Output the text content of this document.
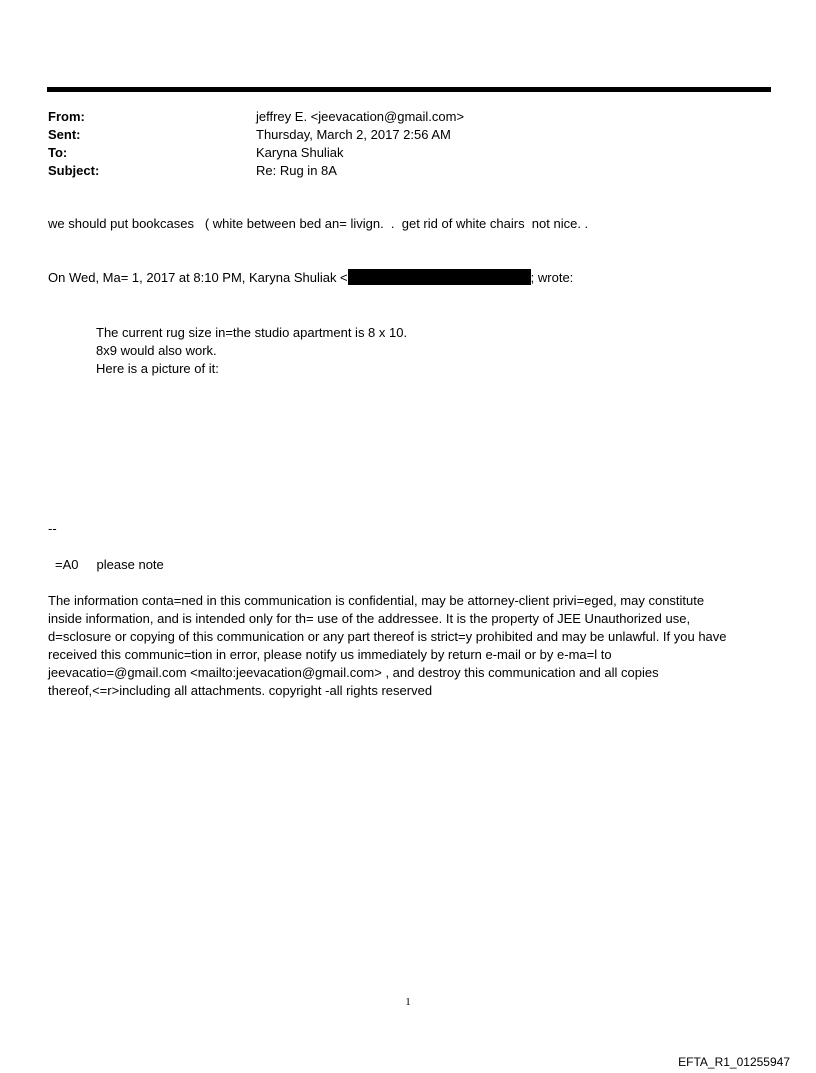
From:	jeffrey E. <jeevacation@gmail.com>
Sent:	Thursday, March 2, 2017 2:56 AM
To:	Karyna Shuliak
Subject:	Re: Rug in 8A
we should put bookcases   ( white between bed an= livign.  .  get rid of white chairs  not nice. .
On Wed, Ma= 1, 2017 at 8:10 PM, Karyna Shuliak <	; wrote:
The current rug size in=the studio apartment is 8 x 10.
8x9 would also work.
Here is a picture of it:
--
=A0     please note
The information conta=ned in this communication is confidential, may be attorney-client privi=eged, may constitute
inside information, and is intended only for th= use of the addressee. It is the property of JEE Unauthorized use,
d=sclosure or copying of this communication or any part thereof is strict=y prohibited and may be unlawful. If you have
received this communic=tion in error, please notify us immediately by return e-mail or by e-ma=l to
jeevacatio=@gmail.com <mailto:jeevacation@gmail.com> , and destroy this communication and all copies
thereof,<=r>including all attachments. copyright -all rights reserved
1
EFTA_R1_01255947
